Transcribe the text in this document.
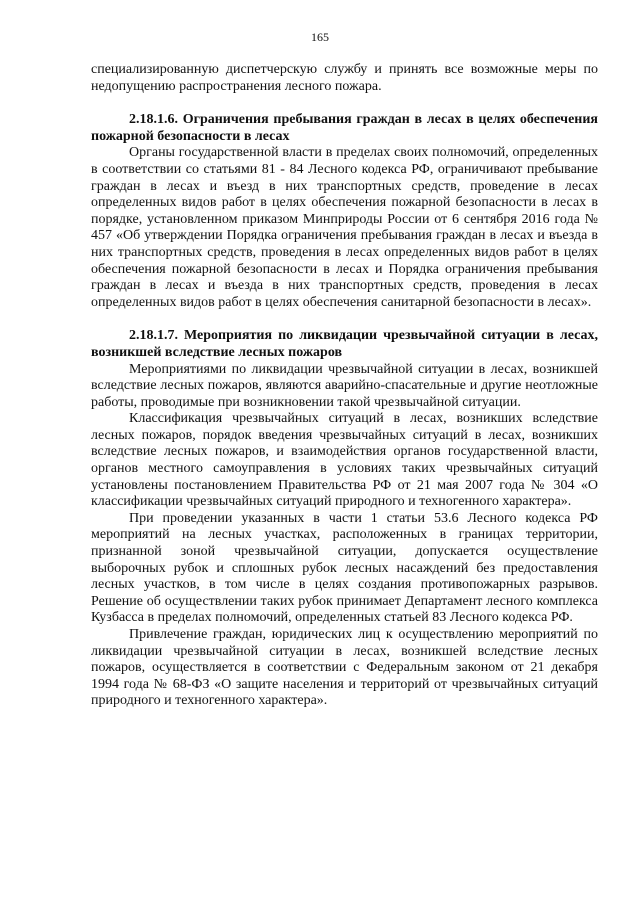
165

специализированную диспетчерскую службу и принять все возможные меры по недопущению распространения лесного пожара.

2.18.1.6. Ограничения пребывания граждан в лесах в целях обеспечения пожарной безопасности в лесах

Органы государственной власти в пределах своих полномочий, определенных в соответствии со статьями 81 - 84 Лесного кодекса РФ, ограничивают пребывание граждан в лесах и въезд в них транспортных средств, проведение в лесах определенных видов работ в целях обеспечения пожарной безопасности в лесах в порядке, установленном приказом Минприроды России от 6 сентября 2016 года № 457 «Об утверждении Порядка ограничения пребывания граждан в лесах и въезда в них транспортных средств, проведения в лесах определенных видов работ в целях обеспечения пожарной безопасности в лесах и Порядка ограничения пребывания граждан в лесах и въезда в них транспортных средств, проведения в лесах определенных видов работ в целях обеспечения санитарной безопасности в лесах».

2.18.1.7. Мероприятия по ликвидации чрезвычайной ситуации в лесах, возникшей вследствие лесных пожаров

Мероприятиями по ликвидации чрезвычайной ситуации в лесах, возникшей вследствие лесных пожаров, являются аварийно-спасательные и другие неотложные работы, проводимые при возникновении такой чрезвычайной ситуации.

Классификация чрезвычайных ситуаций в лесах, возникших вследствие лесных пожаров, порядок введения чрезвычайных ситуаций в лесах, возникших вследствие лесных пожаров, и взаимодействия органов государственной власти, органов местного самоуправления в условиях таких чрезвычайных ситуаций установлены постановлением Правительства РФ от 21 мая 2007 года № 304 «О классификации чрезвычайных ситуаций природного и техногенного характера».

При проведении указанных в части 1 статьи 53.6 Лесного кодекса РФ мероприятий на лесных участках, расположенных в границах территории, признанной зоной чрезвычайной ситуации, допускается осуществление выборочных рубок и сплошных рубок лесных насаждений без предоставления лесных участков, в том числе в целях создания противопожарных разрывов. Решение об осуществлении таких рубок принимает Департамент лесного комплекса Кузбасса в пределах полномочий, определенных статьей 83 Лесного кодекса РФ.

Привлечение граждан, юридических лиц к осуществлению мероприятий по ликвидации чрезвычайной ситуации в лесах, возникшей вследствие лесных пожаров, осуществляется в соответствии с Федеральным законом от 21 декабря 1994 года № 68-ФЗ «О защите населения и территорий от чрезвычайных ситуаций природного и техногенного характера».
